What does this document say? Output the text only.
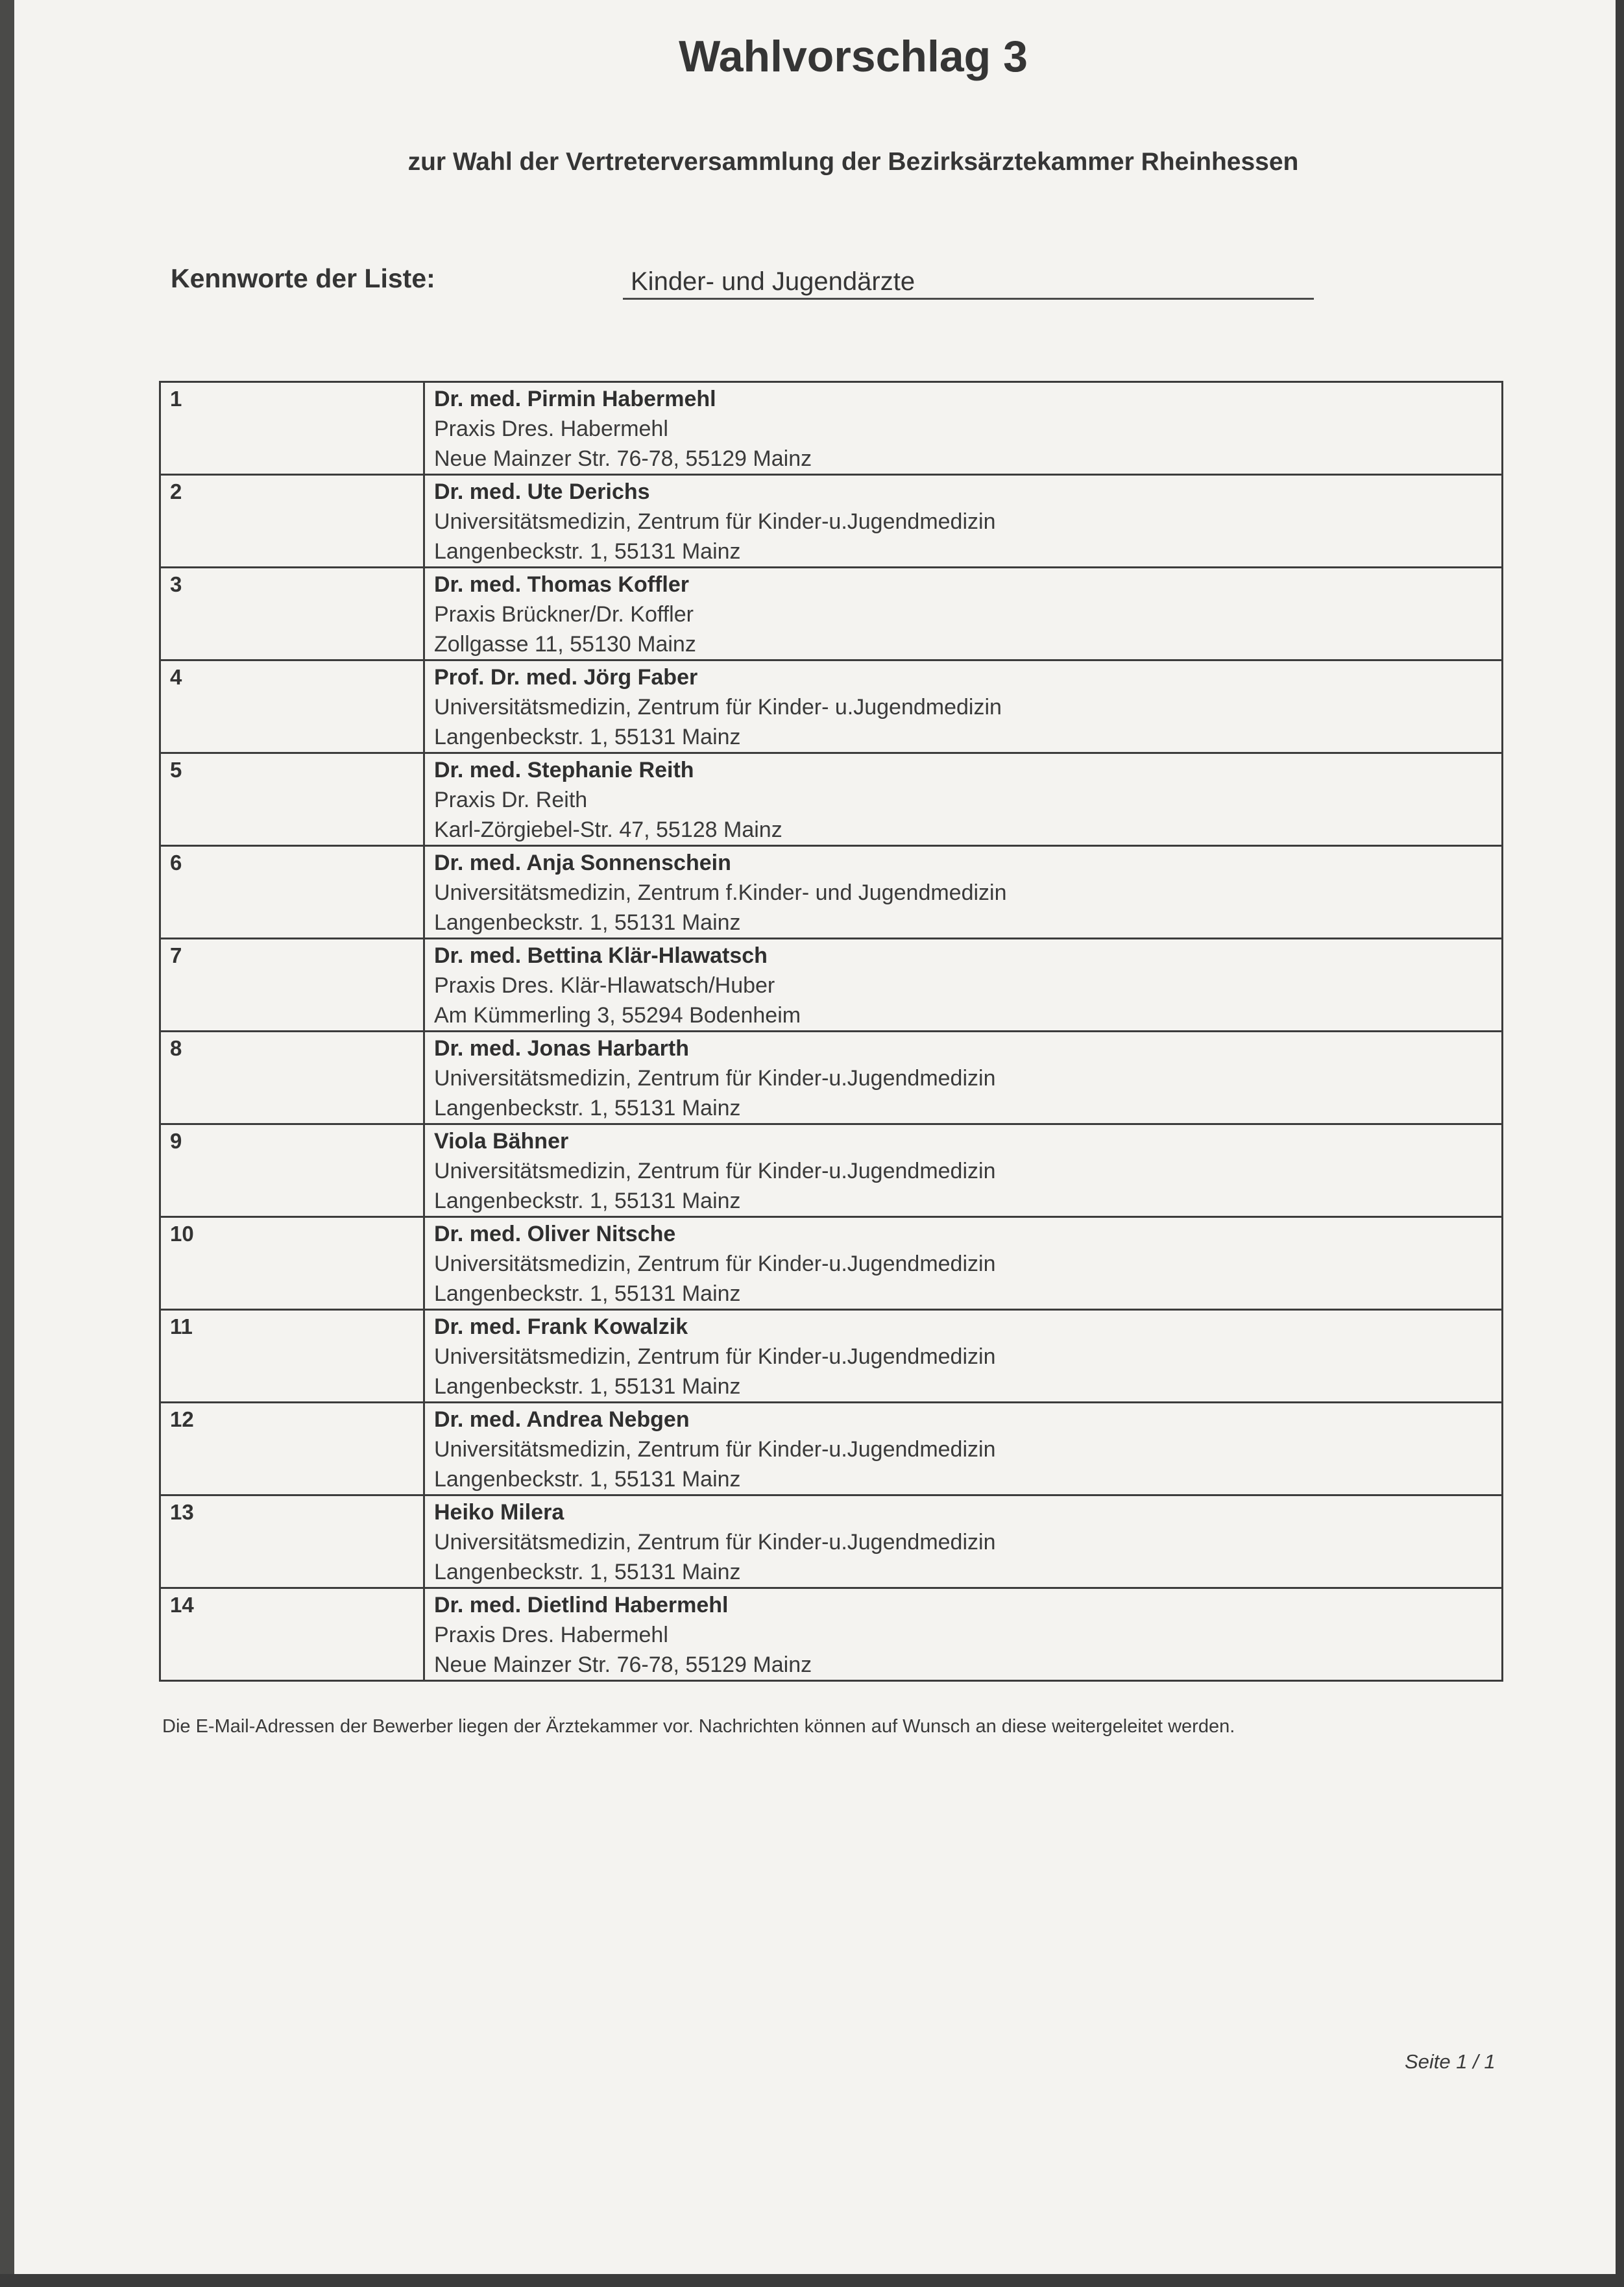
Wahlvorschlag 3
zur Wahl der Vertreterversammlung der Bezirksärztekammer Rheinhessen
Kennworte der Liste:	Kinder- und Jugendärzte
1	Dr. med. Pirmin Habermehl
Praxis Dres. Habermehl
Neue Mainzer Str. 76-78, 55129 Mainz

2	Dr. med. Ute Derichs
Universitätsmedizin, Zentrum für Kinder-u.Jugendmedizin
Langenbeckstr. 1, 55131 Mainz

3	Dr. med. Thomas Koffler
Praxis Brückner/Dr. Koffler
Zollgasse 11, 55130 Mainz

4	Prof. Dr. med. Jörg Faber
Universitätsmedizin, Zentrum für Kinder- u.Jugendmedizin
Langenbeckstr. 1, 55131 Mainz

5	Dr. med. Stephanie Reith
Praxis Dr. Reith
Karl-Zörgiebel-Str. 47, 55128 Mainz

6	Dr. med. Anja Sonnenschein
Universitätsmedizin, Zentrum f.Kinder- und Jugendmedizin
Langenbeckstr. 1, 55131 Mainz

7	Dr. med. Bettina Klär-Hlawatsch
Praxis Dres. Klär-Hlawatsch/Huber
Am Kümmerling 3, 55294 Bodenheim

8	Dr. med. Jonas Harbarth
Universitätsmedizin, Zentrum für Kinder-u.Jugendmedizin
Langenbeckstr. 1, 55131 Mainz

9	Viola Bähner
Universitätsmedizin, Zentrum für Kinder-u.Jugendmedizin
Langenbeckstr. 1, 55131 Mainz

10	Dr. med. Oliver Nitsche
Universitätsmedizin, Zentrum für Kinder-u.Jugendmedizin
Langenbeckstr. 1, 55131 Mainz

11	Dr. med. Frank Kowalzik
Universitätsmedizin, Zentrum für Kinder-u.Jugendmedizin
Langenbeckstr. 1, 55131 Mainz

12	Dr. med. Andrea Nebgen
Universitätsmedizin, Zentrum für Kinder-u.Jugendmedizin
Langenbeckstr. 1, 55131 Mainz

13	Heiko Milera
Universitätsmedizin, Zentrum für Kinder-u.Jugendmedizin
Langenbeckstr. 1, 55131 Mainz

14	Dr. med. Dietlind Habermehl
Praxis Dres. Habermehl
Neue Mainzer Str. 76-78, 55129 Mainz
Die E-Mail-Adressen der Bewerber liegen der Ärztekammer vor. Nachrichten können auf Wunsch an diese weitergeleitet werden.
Seite 1 / 1
